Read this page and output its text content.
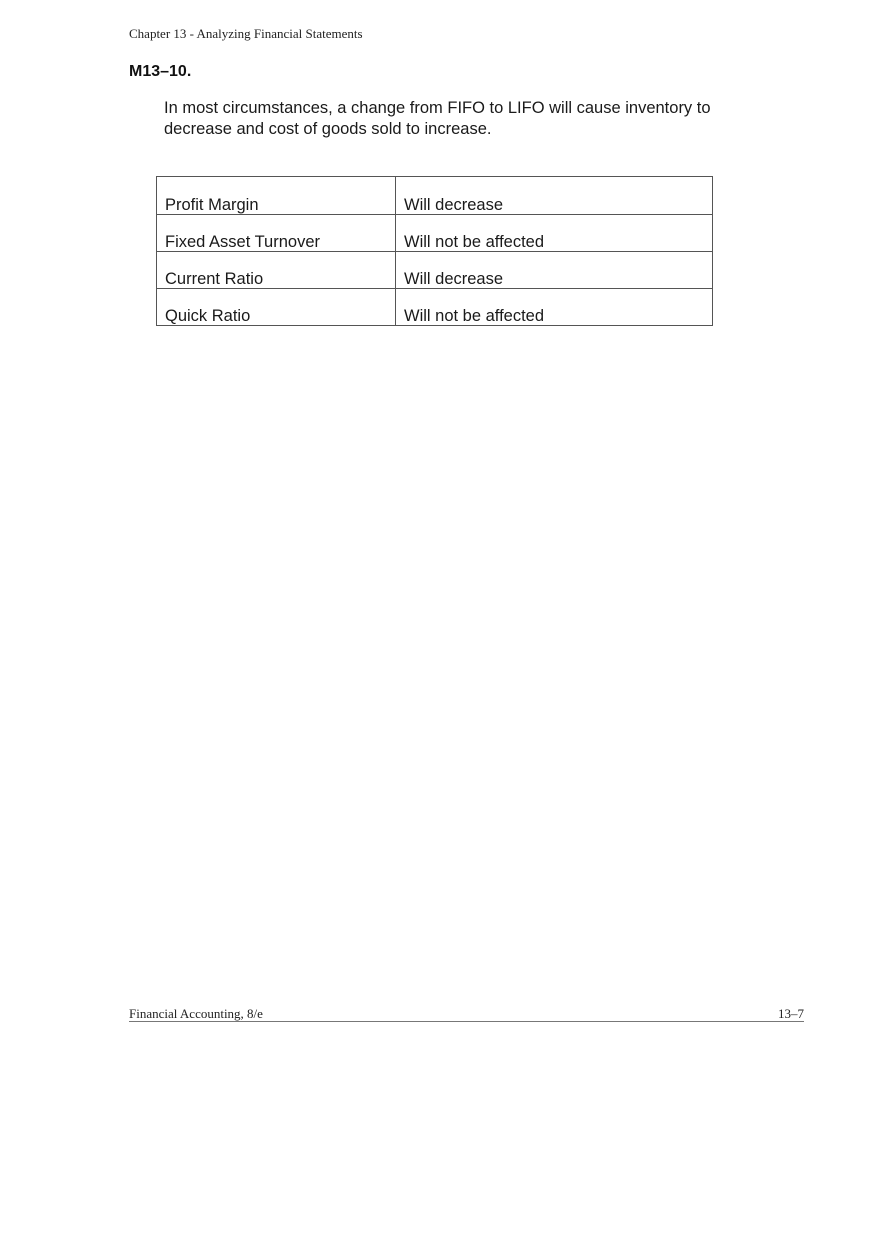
Chapter 13 - Analyzing Financial Statements
M13–10.

In most circumstances, a change from FIFO to LIFO will cause inventory to decrease and cost of goods sold to increase.

Profit Margin	Will decrease
Fixed Asset Turnover	Will not be affected
Current Ratio	Will decrease
Quick Ratio	Will not be affected
Financial Accounting, 8/e	13–7
